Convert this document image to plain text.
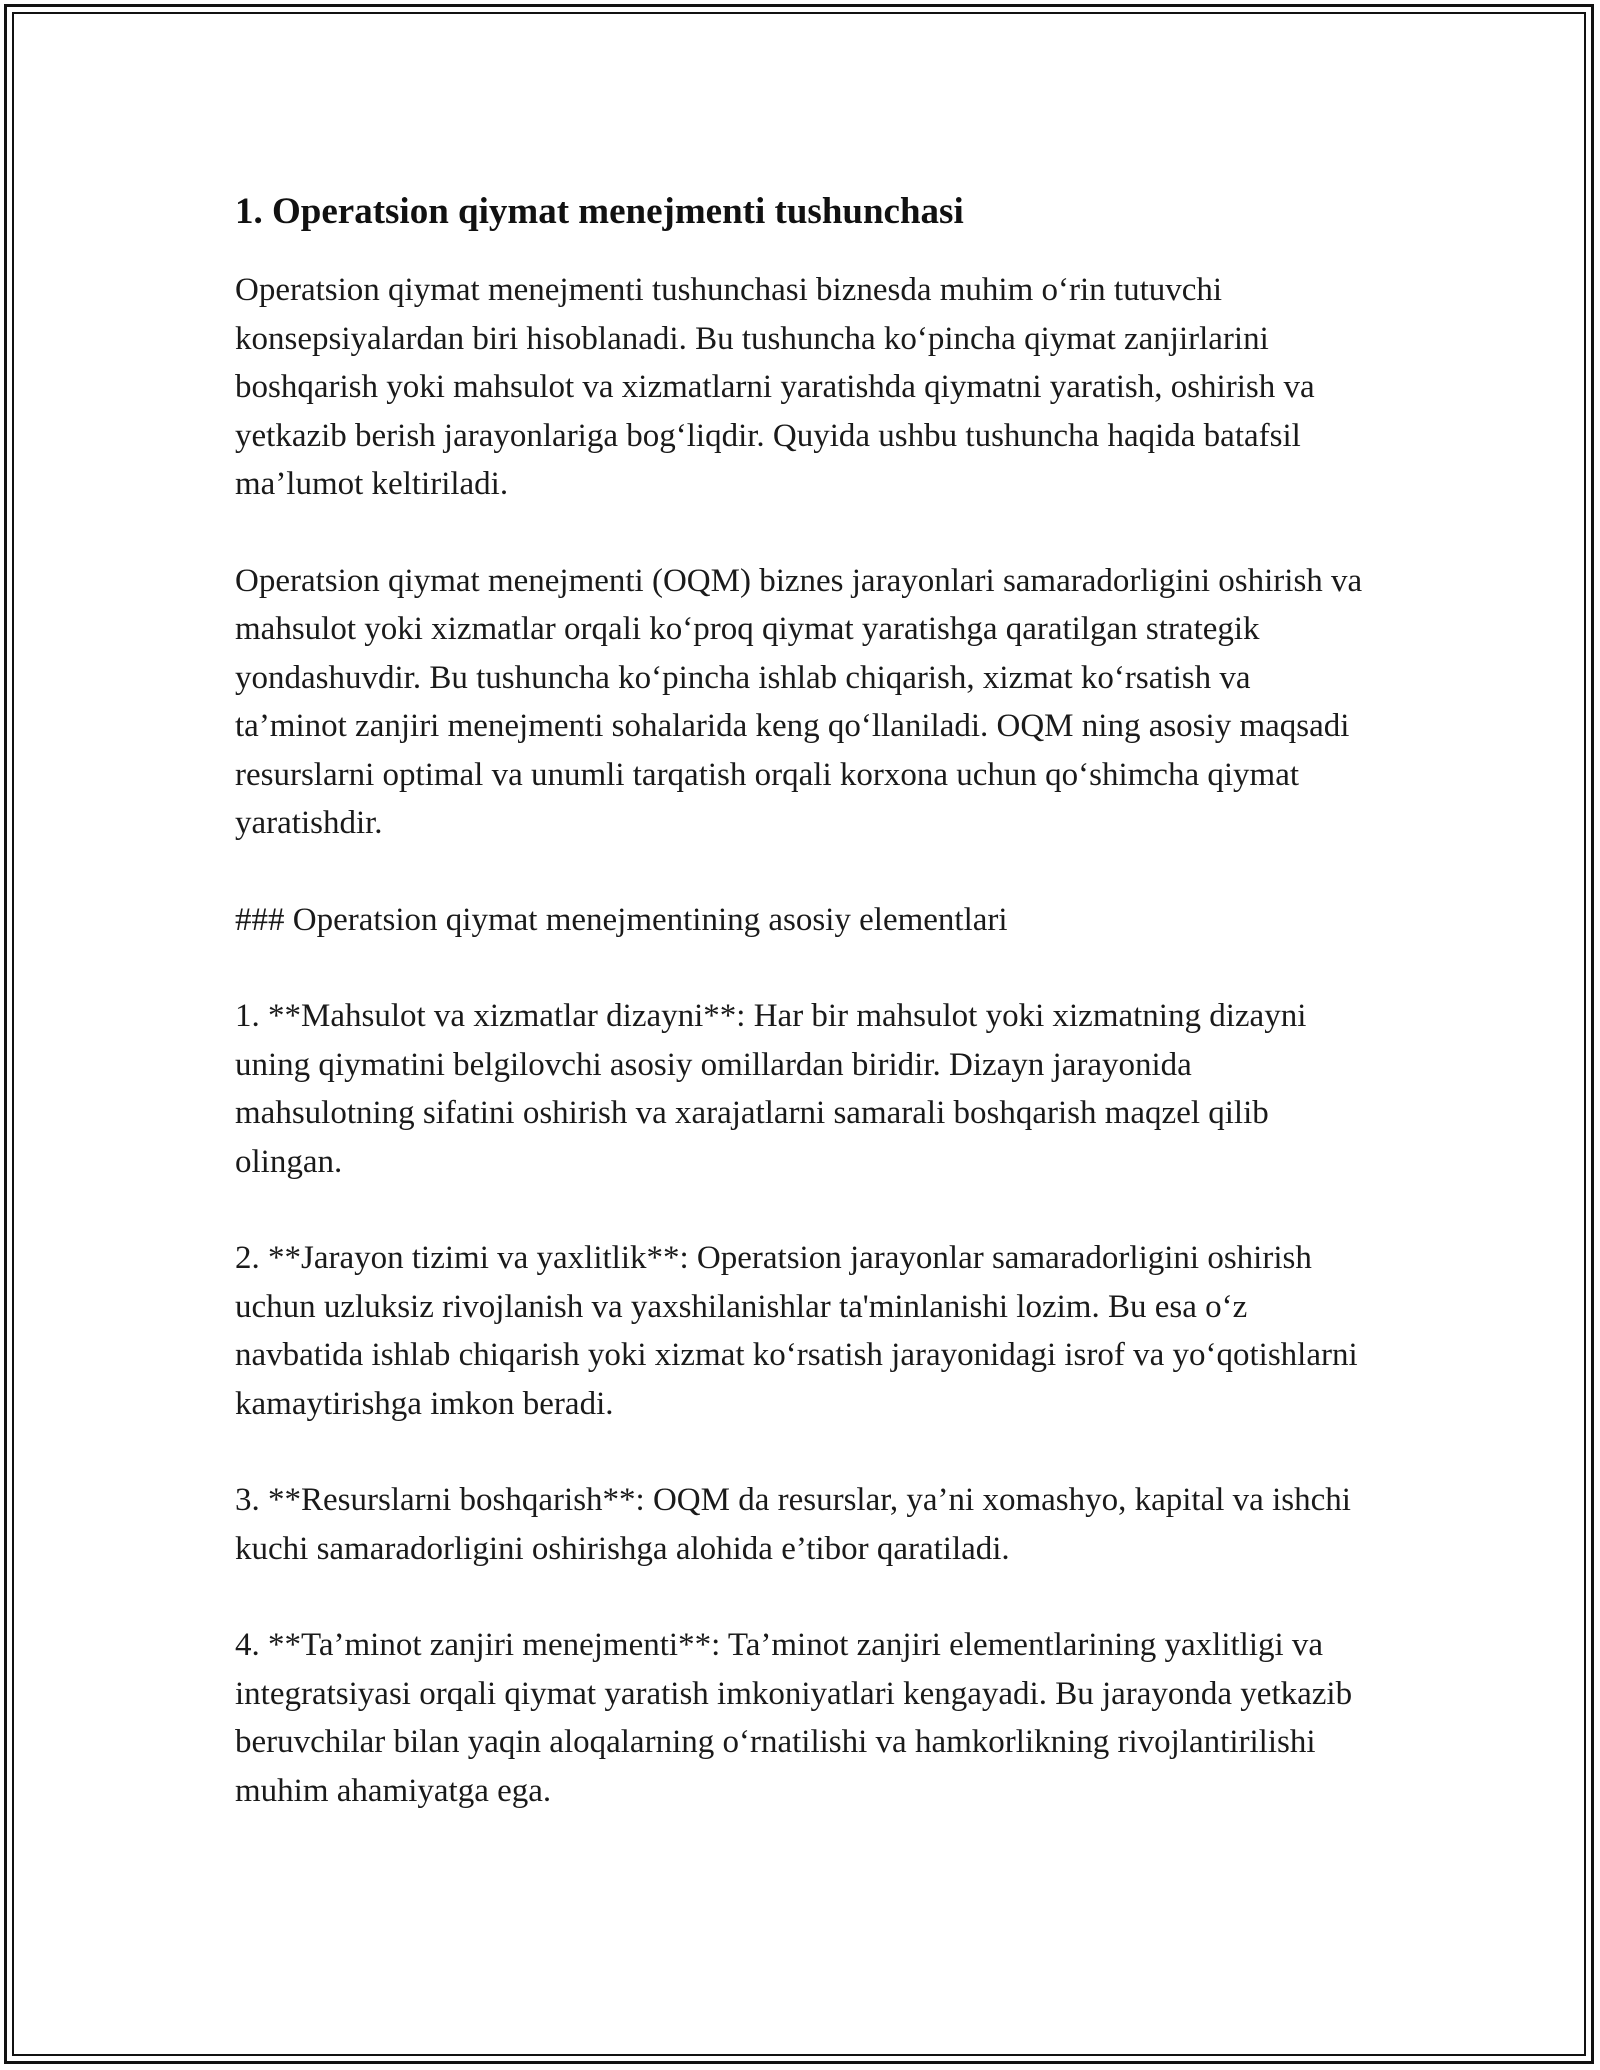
1. Operatsion qiymat menejmenti tushunchasi

Operatsion qiymat menejmenti tushunchasi biznesda muhim o‘rin tutuvchi konsepsiyalardan biri hisoblanadi. Bu tushuncha ko‘pincha qiymat zanjirlarini boshqarish yoki mahsulot va xizmatlarni yaratishda qiymatni yaratish, oshirish va yetkazib berish jarayonlariga bog‘liqdir. Quyida ushbu tushuncha haqida batafsil ma’lumot keltiriladi.

Operatsion qiymat menejmenti (OQM) biznes jarayonlari samaradorligini oshirish va mahsulot yoki xizmatlar orqali ko‘proq qiymat yaratishga qaratilgan strategik yondashuvdir. Bu tushuncha ko‘pincha ishlab chiqarish, xizmat ko‘rsatish va ta’minot zanjiri menejmenti sohalarida keng qo‘llaniladi. OQM ning asosiy maqsadi resurslarni optimal va unumli tarqatish orqali korxona uchun qo‘shimcha qiymat yaratishdir.

### Operatsion qiymat menejmentining asosiy elementlari

1. **Mahsulot va xizmatlar dizayni**: Har bir mahsulot yoki xizmatning dizayni uning qiymatini belgilovchi asosiy omillardan biridir. Dizayn jarayonida mahsulotning sifatini oshirish va xarajatlarni samarali boshqarish maqzel qilib olingan.

2. **Jarayon tizimi va yaxlitlik**: Operatsion jarayonlar samaradorligini oshirish uchun uzluksiz rivojlanish va yaxshilanishlar ta'minlanishi lozim. Bu esa o‘z navbatida ishlab chiqarish yoki xizmat ko‘rsatish jarayonidagi isrof va yo‘qotishlarni kamaytirishga imkon beradi.

3. **Resurslarni boshqarish**: OQM da resurslar, ya’ni xomashyo, kapital va ishchi kuchi samaradorligini oshirishga alohida e’tibor qaratiladi.

4. **Ta’minot zanjiri menejmenti**: Ta’minot zanjiri elementlarining yaxlitligi va integratsiyasi orqali qiymat yaratish imkoniyatlari kengayadi. Bu jarayonda yetkazib beruvchilar bilan yaqin aloqalarning o‘rnatilishi va hamkorlikning rivojlantirilishi muhim ahamiyatga ega.
